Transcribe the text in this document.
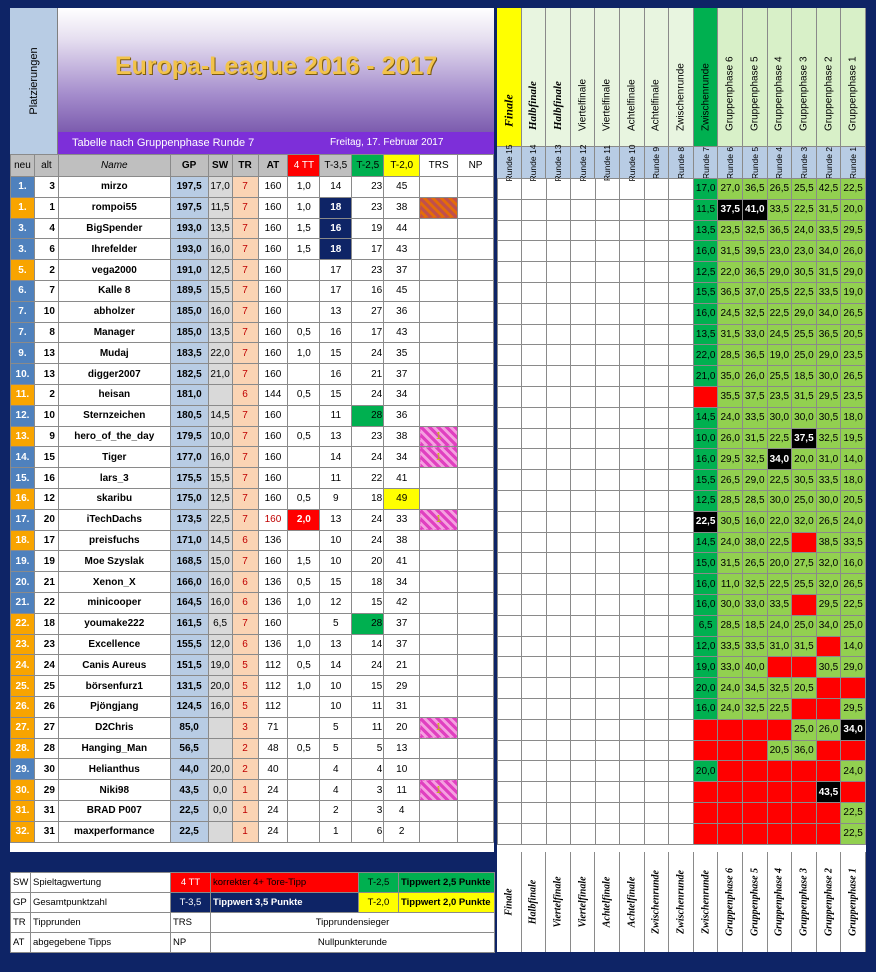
Platzierungen	Europa-League 2016 - 2017
Tabelle nach Gruppenphase Runde 7	Freitag, 17. Februar 2017
neu	alt	Name	GP	SW	TR	AT	4 TT	T-3,5	T-2,5	T-2,0	TRS	NP
1.	3	mirzo	197,5	17,0	7	160	1,0	14	23	45		
1.	1	rompoi55	197,5	11,5	7	160	1,0	18	23	38		
3.	4	BigSpender	193,0	13,5	7	160	1,5	16	19	44		
3.	6	Ihrefelder	193,0	16,0	7	160	1,5	18	17	43		
5.	2	vega2000	191,0	12,5	7	160		17	23	37		
6.	7	Kalle 8	189,5	15,5	7	160		17	16	45		
7.	10	abholzer	185,0	16,0	7	160		13	27	36		
7.	8	Manager	185,0	13,5	7	160	0,5	16	17	43		
9.	13	Mudaj	183,5	22,0	7	160	1,0	15	24	35		
10.	13	digger2007	182,5	21,0	7	160		16	21	37		
11.	2	heisan	181,0		6	144	0,5	15	24	34		
12.	10	Sternzeichen	180,5	14,5	7	160		11	28	36		
13.	9	hero_of_the_day	179,5	10,0	7	160	0,5	13	23	38	1	
14.	15	Tiger	177,0	16,0	7	160		14	24	34	1	
15.	16	lars_3	175,5	15,5	7	160		11	22	41		
16.	12	skaribu	175,0	12,5	7	160	0,5	9	18	49		
17.	20	iTechDachs	173,5	22,5	7	160	2,0	13	24	33	1	
18.	17	preisfuchs	171,0	14,5	6	136		10	24	38		
19.	19	Moe Szyslak	168,5	15,0	7	160	1,5	10	20	41		
20.	21	Xenon_X	166,0	16,0	6	136	0,5	15	18	34		
21.	22	minicooper	164,5	16,0	6	136	1,0	12	15	42		
22.	18	youmake222	161,5	6,5	7	160		5	28	37		
23.	23	Excellence	155,5	12,0	6	136	1,0	13	14	37		
24.	24	Canis Aureus	151,5	19,0	5	112	0,5	14	24	21		
25.	25	börsenfurz1	131,5	20,0	5	112	1,0	10	15	29		
26.	26	Pjöngjang	124,5	16,0	5	112		10	11	31		
27.	27	D2Chris	85,0		3	71		5	11	20	1	
28.	28	Hanging_Man	56,5		2	48	0,5	5	5	13		
29.	30	Helianthus	44,0	20,0	2	40		4	4	10		
30.	29	Niki98	43,5	0,0	1	24		4	3	11	1	
31.	31	BRAD P007	22,5	0,0	1	24		2	3	4		
32.	31	maxperformance	22,5		1	24		1	6	2		
Finale Halbfinale Halbfinale Viertelfinale Viertelfinale Achtelfinale Achtelfinale Zwischenrunde Zwischenrunde Gruppenphase 6 Gruppenphase 5 Gruppenphase 4 Gruppenphase 3 Gruppenphase 2 Gruppenphase 1
Runde 15 Runde 14 Runde 13 Runde 12 Runde 11 Runde 10 Runde 9 Runde 8 Runde 7 Runde 6 Runde 5 Runde 4 Runde 3 Runde 2 Runde 1
								17,0	27,0	36,5	26,5	25,5	42,5	22,5
								11,5	37,5	41,0	33,5	22,5	31,5	20,0
								13,5	23,5	32,5	36,5	24,0	33,5	29,5
								16,0	31,5	39,5	23,0	23,0	34,0	26,0
								12,5	22,0	36,5	29,0	30,5	31,5	29,0
								15,5	36,5	37,0	25,5	22,5	33,5	19,0
								16,0	24,5	32,5	22,5	29,0	34,0	26,5
								13,5	31,5	33,0	24,5	25,5	36,5	20,5
								22,0	28,5	36,5	19,0	25,0	29,0	23,5
								21,0	35,0	26,0	25,5	18,5	30,0	26,5
									35,5	37,5	23,5	31,5	29,5	23,5
								14,5	24,0	33,5	30,0	30,0	30,5	18,0
								10,0	26,0	31,5	22,5	37,5	32,5	19,5
								16,0	29,5	32,5	34,0	20,0	31,0	14,0
								15,5	26,5	29,0	22,5	30,5	33,5	18,0
								12,5	28,5	28,5	30,0	25,0	30,0	20,5
								22,5	30,5	16,0	22,0	32,0	26,5	24,0
								14,5	24,0	38,0	22,5		38,5	33,5
								15,0	31,5	26,5	20,0	27,5	32,0	16,0
								16,0	11,0	32,5	22,5	25,5	32,0	26,5
								16,0	30,0	33,0	33,5		29,5	22,5
								6,5	28,5	18,5	24,0	25,0	34,0	25,0
								12,0	33,5	33,5	31,0	31,5		14,0
								19,0	33,0	40,0			30,5	29,0
								20,0	24,0	34,5	32,5	20,5		
								16,0	24,0	32,5	22,5			29,5
												25,0	26,0	34,0
											20,5	36,0		
								20,0						24,0
													43,5	
														22,5
														22,5
SW	Spieltagwertung	4 TT	korrekter 4+ Tore-Tipp	T-2,5	Tippwert 2,5 Punkte
GP	Gesamtpunktzahl	T-3,5	Tippwert 3,5 Punkte	T-2,0	Tippwert 2,0 Punkte
TR	Tipprunden	TRS	Tipprundensieger		
AT	abgegebene Tipps	NP	Nullpunkterunde		
Finale Halbfinale Viertelfinale Viertelfinale Achtelfinale Achtelfinale Zwischenrunde Zwischenrunde Zwischenrunde Gruppenphase 6 Gruppenphase 5 Gruppenphase 4 Gruppenphase 3 Gruppenphase 2 Gruppenphase 1
